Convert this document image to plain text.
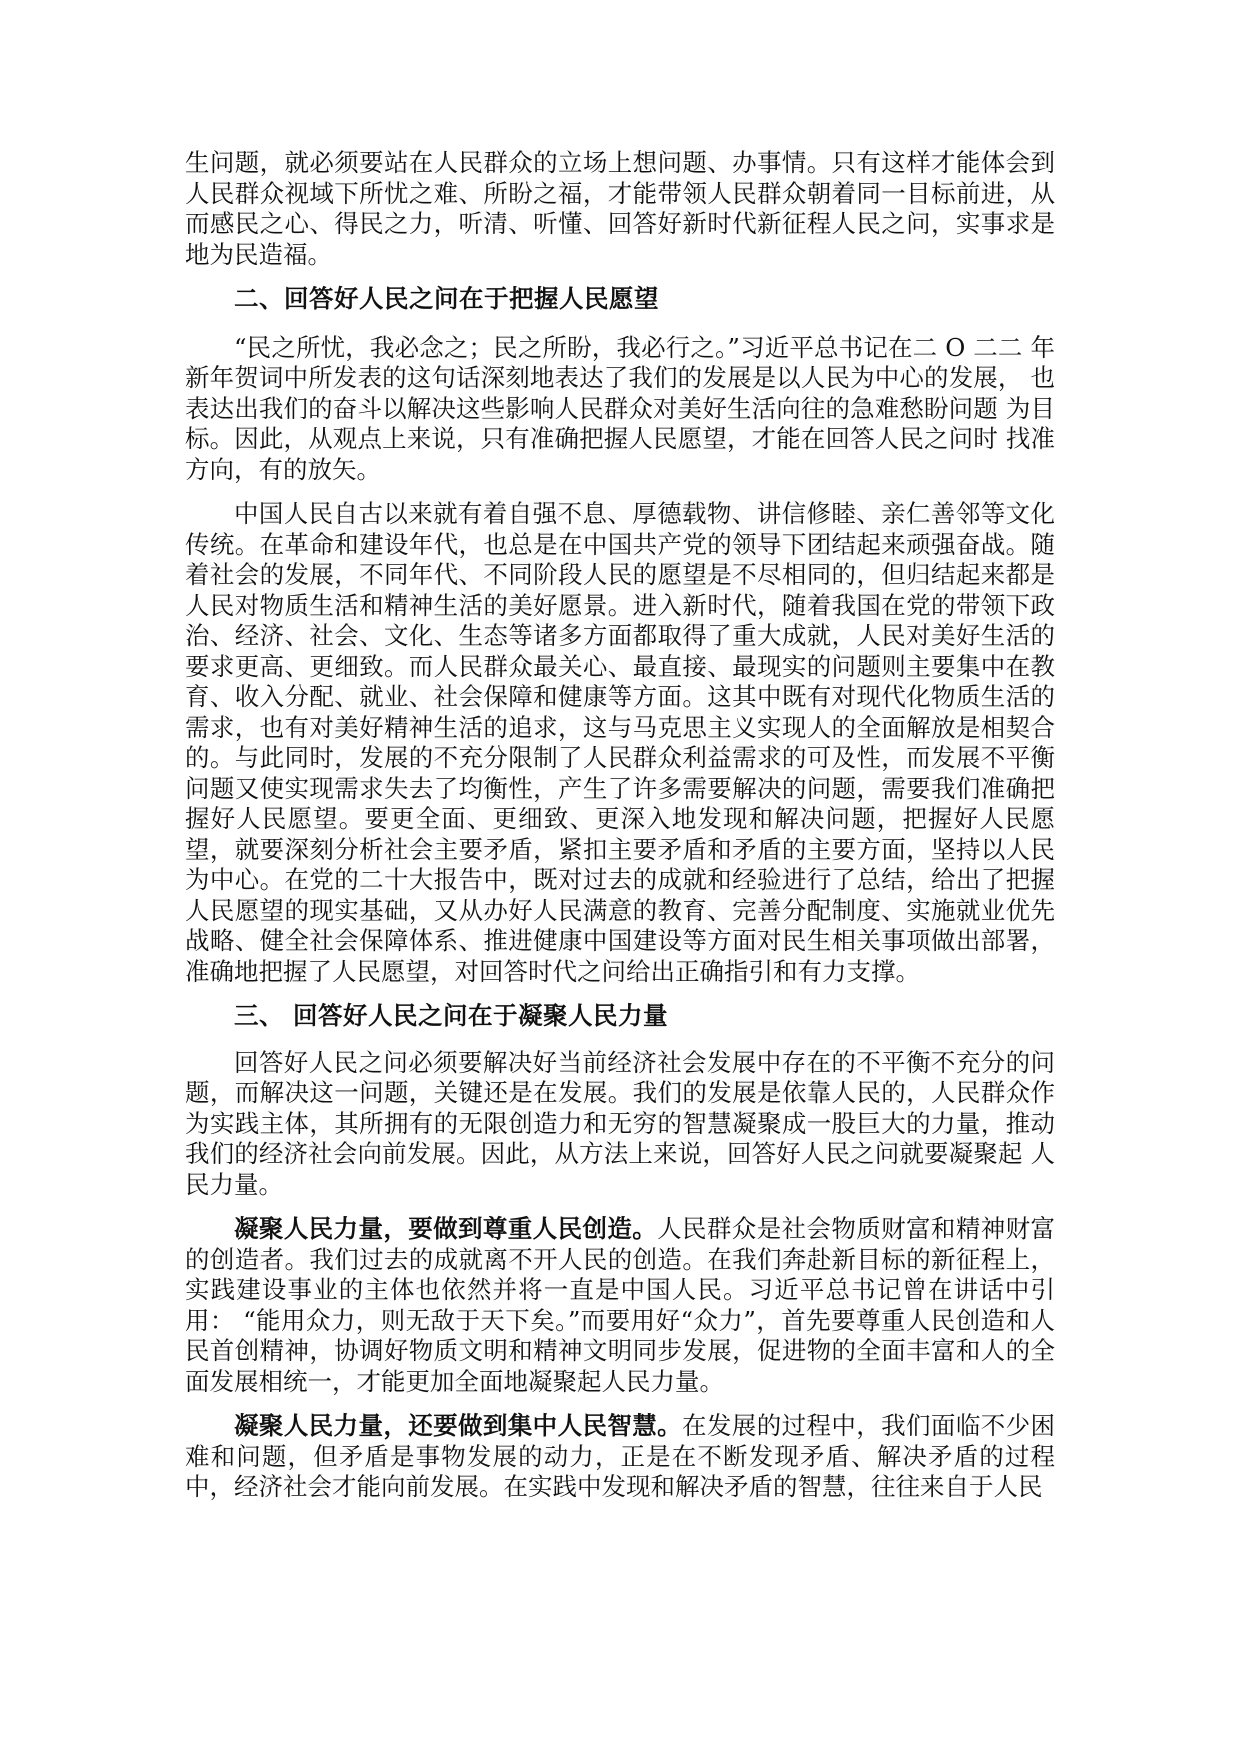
生问题，就必须要站在人民群众的立场上想问题、办事情。只有这样才能体会到人民群众视域下所忧之难、所盼之福，才能带领人民群众朝着同一目标前进，从 而感民之心、得民之力，听清、听懂、回答好新时代新征程人民之问，实事求是 地为民造福。

二、回答好人民之问在于把握人民愿望

“民之所忧，我必念之；民之所盼，我必行之。”习近平总书记在二 O 二二 年新年贺词中所发表的这句话深刻地表达了我们的发展是以人民为中心的发展， 也表达出我们的奋斗以解决这些影响人民群众对美好生活向往的急难愁盼问题 为目标。因此，从观点上来说，只有准确把握人民愿望，才能在回答人民之问时 找准方向，有的放矢。

中国人民自古以来就有着自强不息、厚德载物、讲信修睦、亲仁善邻等文化传统。在革命和建设年代，也总是在中国共产党的领导下团结起来顽强奋战。随着社会的发展，不同年代、不同阶段人民的愿望是不尽相同的，但归结起来都是人民对物质生活和精神生活的美好愿景。进入新时代，随着我国在党的带领下政治、经济、社会、文化、生态等诸多方面都取得了重大成就，人民对美好生活的要求更高、更细致。而人民群众最关心、最直接、最现实的问题则主要集中在教育、收入分配、就业、社会保障和健康等方面。这其中既有对现代化物质生活的需求，也有对美好精神生活的追求，这与马克思主义实现人的全面解放是相契合的。与此同时，发展的不充分限制了人民群众利益需求的可及性，而发展不平衡问题又使实现需求失去了均衡性，产生了许多需要解决的问题，需要我们准确把握好人民愿望。要更全面、更细致、更深入地发现和解决问题，把握好人民愿望，就要深刻分析社会主要矛盾，紧扣主要矛盾和矛盾的主要方面，坚持以人民为中心。在党的二十大报告中，既对过去的成就和经验进行了总结，给出了把握人民愿望的现实基础，又从办好人民满意的教育、完善分配制度、实施就业优先战略、健全社会保障体系、推进健康中国建设等方面对民生相关事项做出部署，准确地把握了人民愿望，对回答时代之问给出正确指引和有力支撑。

三、 回答好人民之问在于凝聚人民力量

回答好人民之问必须要解决好当前经济社会发展中存在的不平衡不充分的问题，而解决这一问题，关键还是在发展。我们的发展是依靠人民的，人民群众作为实践主体，其所拥有的无限创造力和无穷的智慧凝聚成一股巨大的力量，推动我们的经济社会向前发展。因此，从方法上来说，回答好人民之问就要凝聚起 人民力量。

凝聚人民力量，要做到尊重人民创造。人民群众是社会物质财富和精神财富的创造者。我们过去的成就离不开人民的创造。在我们奔赴新目标的新征程上，实践建设事业的主体也依然并将一直是中国人民。习近平总书记曾在讲话中引用： “能用众力，则无敌于天下矣。”而要用好“众力”，首先要尊重人民创造和人 民首创精神，协调好物质文明和精神文明同步发展，促进物的全面丰富和人的全 面发展相统一，才能更加全面地凝聚起人民力量。

凝聚人民力量，还要做到集中人民智慧。在发展的过程中，我们面临不少困难和问题，但矛盾是事物发展的动力，正是在不断发现矛盾、解决矛盾的过程中，经济社会才能向前发展。在实践中发现和解决矛盾的智慧，往往来自于人民
